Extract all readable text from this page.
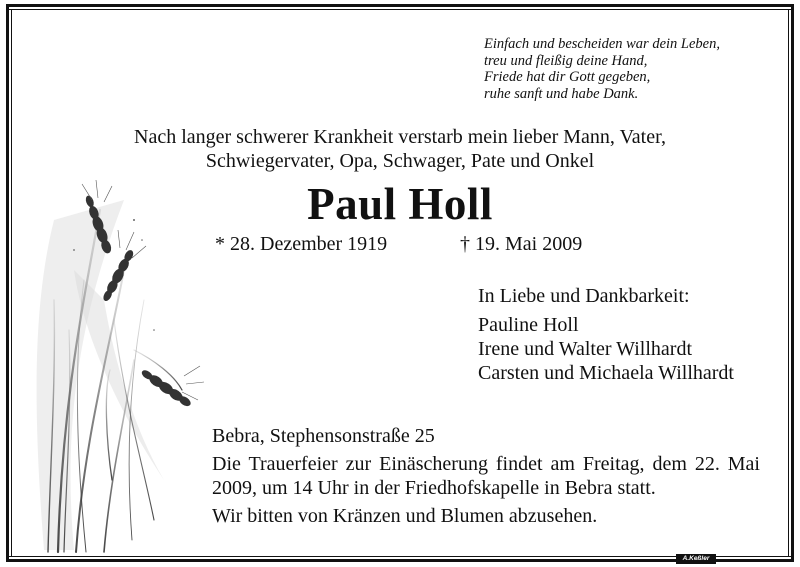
Einfach und bescheiden war dein Leben,
treu und fleißig deine Hand,
Friede hat dir Gott gegeben,
ruhe sanft und habe Dank.
Nach langer schwerer Krankheit verstarb mein lieber Mann, Vater,
Schwiegervater, Opa, Schwager, Pate und Onkel
Paul Holl
* 28. Dezember 1919	† 19. Mai 2009
In Liebe und Dankbarkeit:
Pauline Holl
Irene und Walter Willhardt
Carsten und Michaela Willhardt
Bebra, Stephensonstraße 25
Die Trauerfeier zur Einäscherung findet am Freitag, dem 22. Mai 2009, um 14 Uhr in der Friedhofskapelle in Bebra statt.
Wir bitten von Kränzen und Blumen abzusehen.
A.Keßler
